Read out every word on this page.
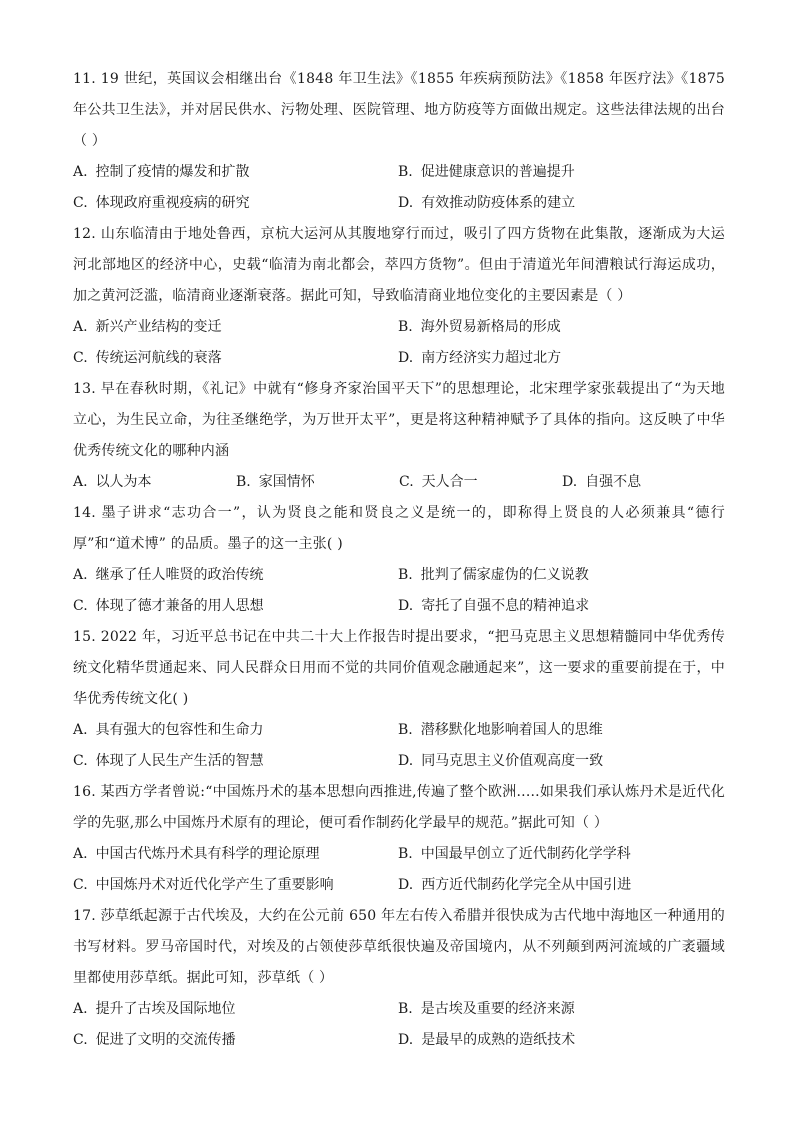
11. 19 世纪，英国议会相继出台《1848 年卫生法》《1855 年疾病预防法》《1858 年医疗法》《1875 年公共卫生法》，并对居民供水、污物处理、医院管理、地方防疫等方面做出规定。这些法律法规的出台（ ）

A. 控制了疫情的爆发和扩散	B. 促进健康意识的普遍提升
C. 体现政府重视疫病的研究	D. 有效推动防疫体系的建立

12. 山东临清由于地处鲁西，京杭大运河从其腹地穿行而过，吸引了四方货物在此集散，逐渐成为大运河北部地区的经济中心，史载“临清为南北都会，萃四方货物”。但由于清道光年间漕粮试行海运成功，加之黄河泛滥，临清商业逐渐衰落。据此可知，导致临清商业地位变化的主要因素是（ ）

A. 新兴产业结构的变迁	B. 海外贸易新格局的形成
C. 传统运河航线的衰落	D. 南方经济实力超过北方

13. 早在春秋时期，《礼记》中就有“修身齐家治国平天下”的思想理论，北宋理学家张载提出了“为天地立心，为生民立命，为往圣继绝学，为万世开太平”，更是将这种精神赋予了具体的指向。这反映了中华优秀传统文化的哪种内涵

A. 以人为本	B. 家国情怀	C. 天人合一	D. 自强不息

14. 墨子讲求“志功合一”，认为贤良之能和贤良之义是统一的，即称得上贤良的人必须兼具“德行厚”和“道术博” 的品质。墨子的这一主张( )

A. 继承了任人唯贤的政治传统	B. 批判了儒家虚伪的仁义说教
C. 体现了德才兼备的用人思想	D. 寄托了自强不息的精神追求

15. 2022 年，习近平总书记在中共二十大上作报告时提出要求，“把马克思主义思想精髓同中华优秀传统文化精华贯通起来、同人民群众日用而不觉的共同价值观念融通起来”，这一要求的重要前提在于，中华优秀传统文化( )

A. 具有强大的包容性和生命力	B. 潜移默化地影响着国人的思维
C. 体现了人民生产生活的智慧	D. 同马克思主义价值观高度一致

16. 某西方学者曾说:“中国炼丹术的基本思想向西推进,传遍了整个欧洲.....如果我们承认炼丹术是近代化学的先驱,那么中国炼丹术原有的理论，便可看作制药化学最早的规范。”据此可知（ ）

A. 中国古代炼丹术具有科学的理论原理	B. 中国最早创立了近代制药化学学科
C. 中国炼丹术对近代化学产生了重要影响	D. 西方近代制药化学完全从中国引进

17. 莎草纸起源于古代埃及，大约在公元前 650 年左右传入希腊并很快成为古代地中海地区一种通用的书写材料。罗马帝国时代，对埃及的占领使莎草纸很快遍及帝国境内，从不列颠到两河流域的广袤疆域里都使用莎草纸。据此可知，莎草纸（ ）

A. 提升了古埃及国际地位	B. 是古埃及重要的经济来源
C. 促进了文明的交流传播	D. 是最早的成熟的造纸技术
